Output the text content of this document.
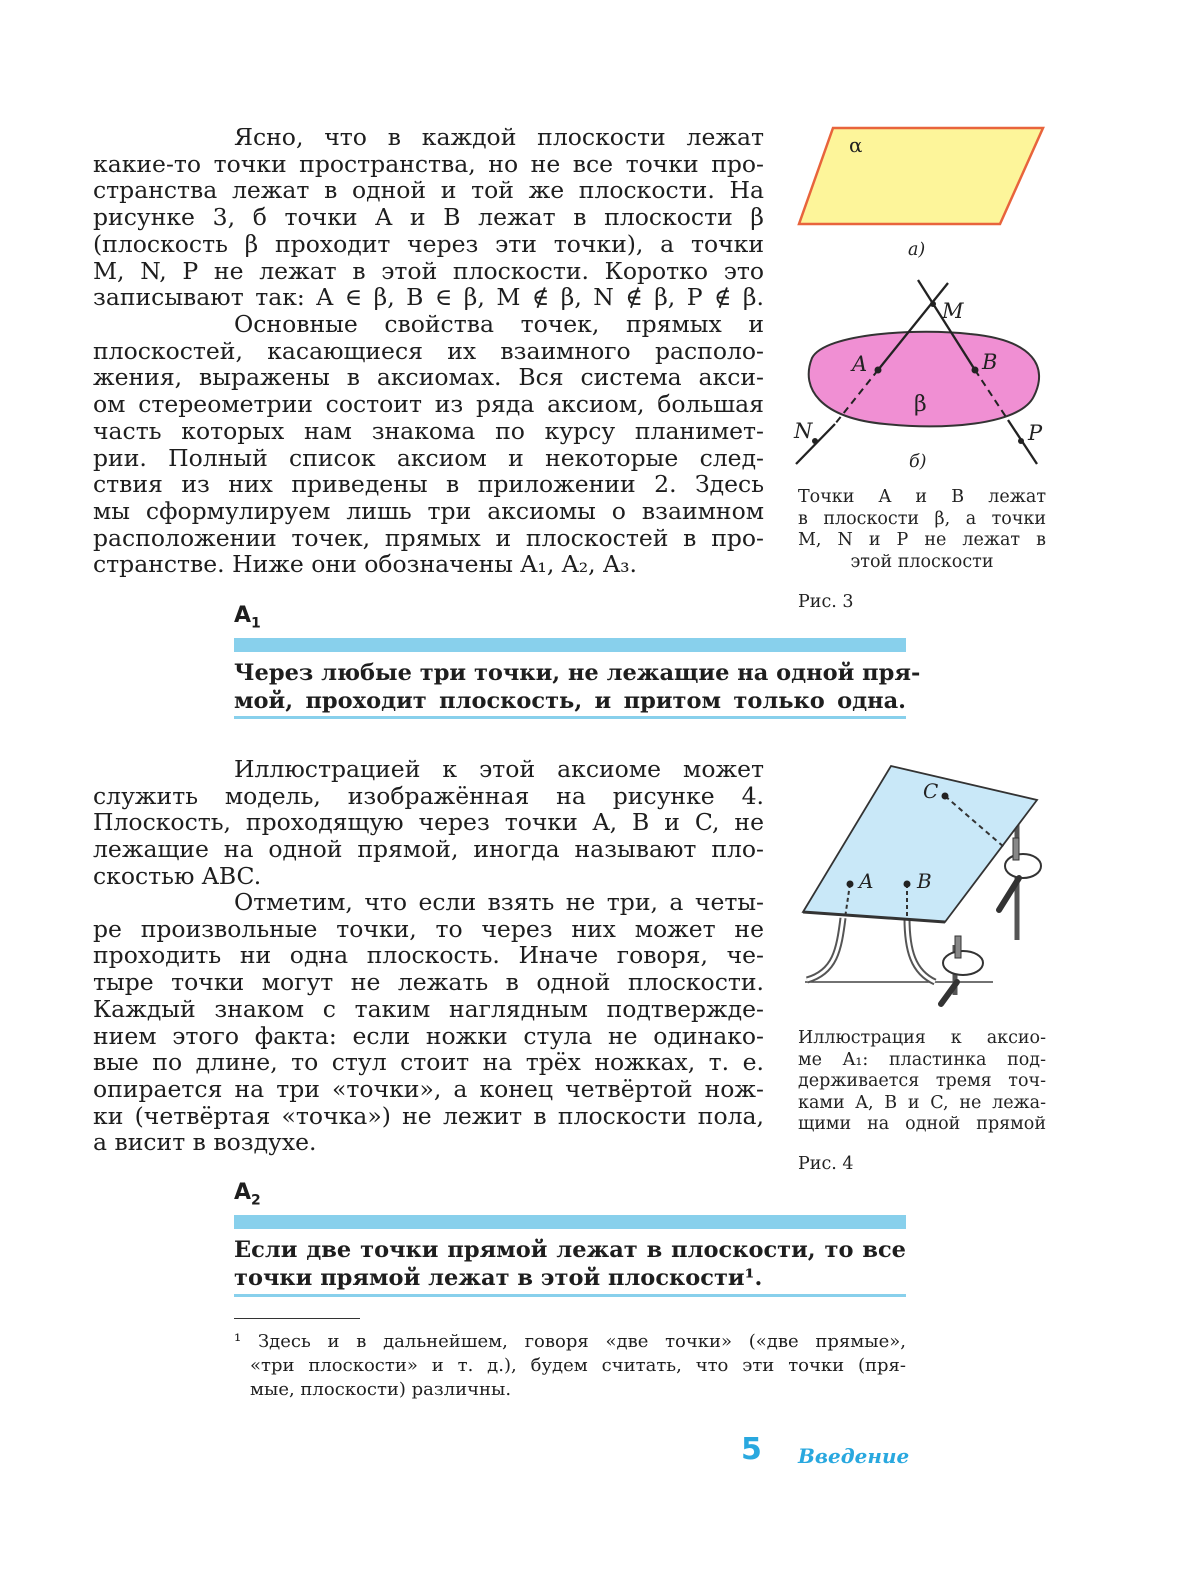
Ясно, что в каждой плоскости лежат
какие-то точки пространства, но не все точки про-
странства лежат в одной и той же плоскости. На
рисунке 3, б точки A и B лежат в плоскости β
(плоскость β проходит через эти точки), а точки
M, N, P не лежат в этой плоскости. Коротко это
записывают так: A ∈ β, B ∈ β, M ∉ β, N ∉ β, P ∉ β.
Основные свойства точек, прямых и
плоскостей, касающиеся их взаимного располо-
жения, выражены в аксиомах. Вся система акси-
ом стереометрии состоит из ряда аксиом, большая
часть которых нам знакома по курсу планимет-
рии. Полный список аксиом и некоторые след-
ствия из них приведены в приложении 2. Здесь
мы сформулируем лишь три аксиомы о взаимном
расположении точек, прямых и плоскостей в про-
странстве. Ниже они обозначены A₁, A₂, A₃.
α
а)
M
A	B
β
N	P
б)
Точки A и B лежат
в плоскости β, а точки
M, N и P не лежат в
этой плоскости
Рис. 3
$A_1$
Через любые три точки, не лежащие на одной пря-
мой, проходит плоскость, и притом только одна.
Иллюстрацией к этой аксиоме может
служить модель, изображённая на рисунке 4.
Плоскость, проходящую через точки A, B и C, не
лежащие на одной прямой, иногда называют пло-
скостью ABC.
Отметим, что если взять не три, а четы-
ре произвольные точки, то через них может не
проходить ни одна плоскость. Иначе говоря, че-
тыре точки могут не лежать в одной плоскости.
Каждый знаком с таким наглядным подтвержде-
нием этого факта: если ножки стула не одинако-
вые по длине, то стул стоит на трёх ножках, т. е.
опирается на три «точки», а конец четвёртой нож-
ки (четвёртая «точка») не лежит в плоскости пола,
а висит в воздухе.
C
A B
Иллюстрация к аксио-
ме A₁: пластинка под-
держивается тремя точ-
ками A, B и C, не лежа-
щими на одной прямой
Рис. 4
$A_2$
Если две точки прямой лежат в плоскости, то все
точки прямой лежат в этой плоскости¹.
¹ Здесь и в дальнейшем, говоря «две точки» («две прямые»,
«три плоскости» и т. д.), будем считать, что эти точки (пря-
мые, плоскости) различны.
5 Введение
